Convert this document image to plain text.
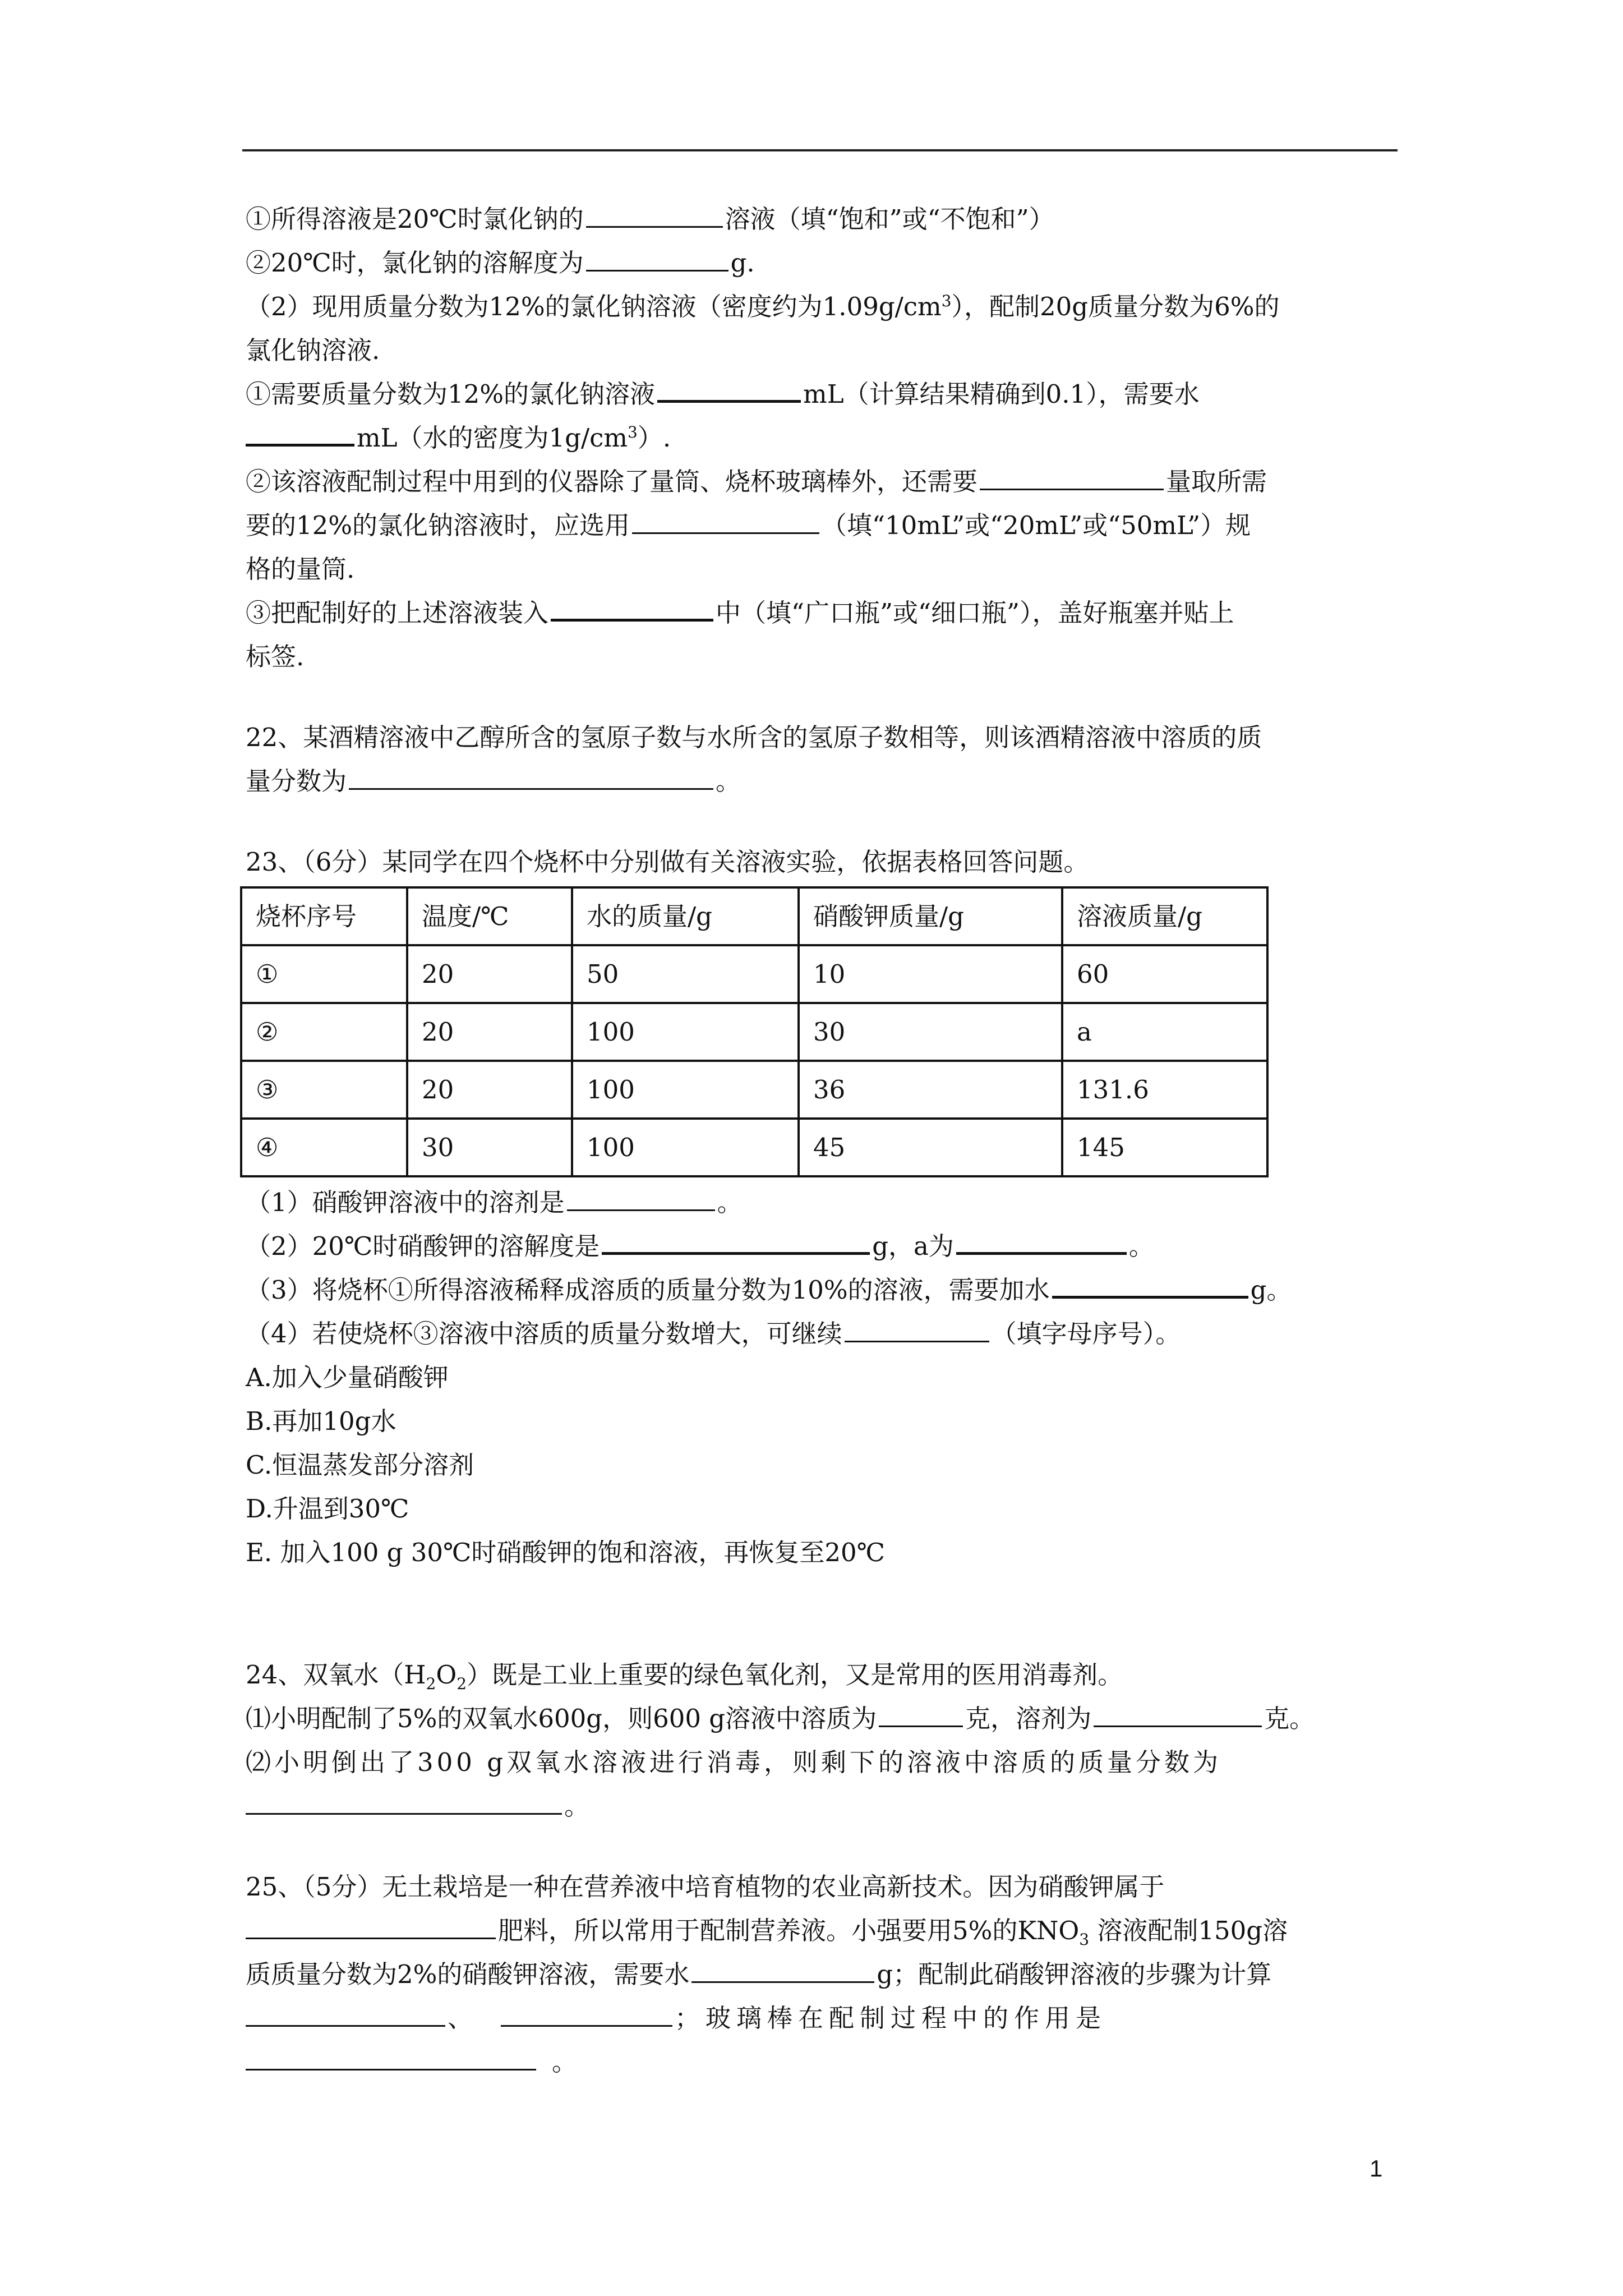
①所得溶液是20℃时氯化钠的	溶液（填“饱和”或“不饱和”）
②20℃时，氯化钠的溶解度为	g.
（2）现用质量分数为12%的氯化钠溶液（密度约为$1.09g/cm^3$），配制20g质量分数为6%的
氯化钠溶液.
①需要质量分数为12%的氯化钠溶液	mL（计算结果精确到0.1），需要水
mL（水的密度为$1g/cm^3$）.
②该溶液配制过程中用到的仪器除了量筒、烧杯玻璃棒外，还需要	量取所需
要的12%的氯化钠溶液时，应选用	（填“10mL”或“20mL”或“50mL”）规
格的量筒.
③把配制好的上述溶液装入	中（填“广口瓶”或“细口瓶”），盖好瓶塞并贴上
标签.
22、某酒精溶液中乙醇所含的氢原子数与水所含的氢原子数相等，则该酒精溶液中溶质的质
量分数为	。
23、（6分）某同学在四个烧杯中分别做有关溶液实验，依据表格回答问题。
烧杯序号	温度/℃	水的质量/g	硝酸钾质量/g	溶液质量/g
①	20	50	10	60
②	20	100	30	a
③	20	100	36	131.6
④	30	100	45	145
（1）硝酸钾溶液中的溶剂是	。
（2）20℃时硝酸钾的溶解度是	g，a为	。
（3）将烧杯①所得溶液稀释成溶质的质量分数为10%的溶液，需要加水	g。
（4）若使烧杯③溶液中溶质的质量分数增大，可继续	（填字母序号）。
A.加入少量硝酸钾
B.再加10g水
C.恒温蒸发部分溶剂
D.升温到30℃
E. 加入100 g 30℃时硝酸钾的饱和溶液，再恢复至20℃
24、双氧水$(H_2O_2)$既是工业上重要的绿色氧化剂，又是常用的医用消毒剂。
⑴小明配制了5%的双氧水600g，则600 g溶液中溶质为	克，溶剂为	克。
⑵小明倒出了300 g双氧水溶液进行消毒，则剩下的溶液中溶质的质量分数为
。
25、（5分）无土栽培是一种在营养液中培育植物的农业高新技术。因为硝酸钾属于
肥料，所以常用于配制营养液。小强要用5%的$KNO_3$ 溶液配制150g溶
质质量分数为2%的硝酸钾溶液，需要水	g；配制此硝酸钾溶液的步骤为计算
、	；玻璃棒在配制过程中的作用是
。
1
